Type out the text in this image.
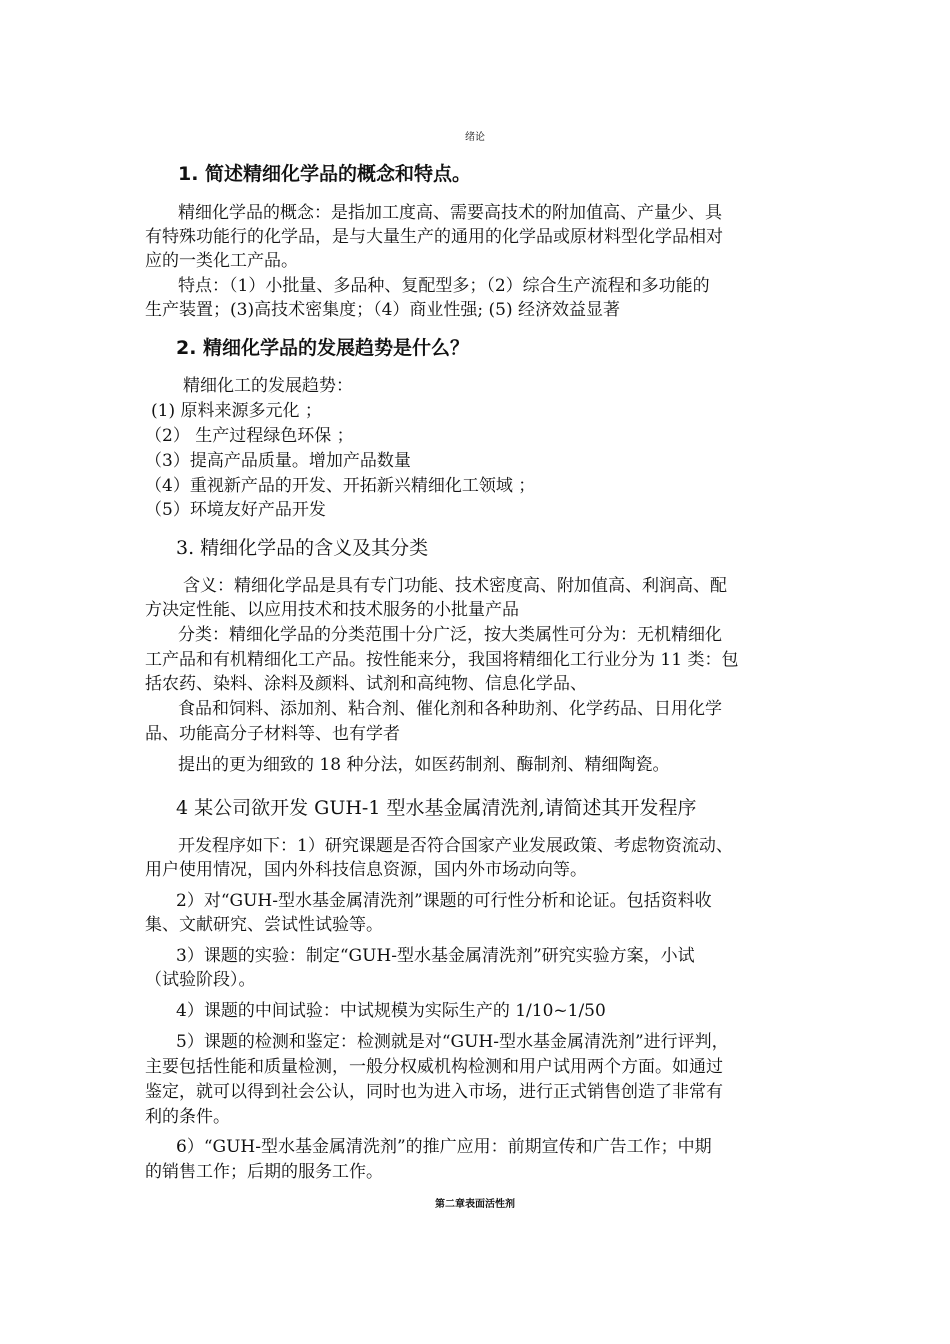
绪论
1. 简述精细化学品的概念和特点。
精细化学品的概念：是指加工度高、需要高技术的附加值高、产量少、具
有特殊功能行的化学品，是与大量生产的通用的化学品或原材料型化学品相对
应的一类化工产品。
特点：（1）小批量、多品种、复配型多；（2）综合生产流程和多功能的
生产装置；(3)高技术密集度；（4）商业性强; (5) 经济效益显著
2. 精细化学品的发展趋势是什么？
精细化工的发展趋势：
(1) 原料来源多元化 ；
（2） 生产过程绿色环保 ；
（3）提高产品质量。增加产品数量
（4）重视新产品的开发、开拓新兴精细化工领域 ；
（5）环境友好产品开发
3. 精细化学品的含义及其分类
含义：精细化学品是具有专门功能、技术密度高、附加值高、利润高、配
方决定性能、以应用技术和技术服务的小批量产品
分类：精细化学品的分类范围十分广泛，按大类属性可分为：无机精细化
工产品和有机精细化工产品。按性能来分，我国将精细化工行业分为 11 类：包
括农药、染料、涂料及颜料、试剂和高纯物、信息化学品、
食品和饲料、添加剂、粘合剂、催化剂和各种助剂、化学药品、日用化学
品、功能高分子材料等、也有学者
提出的更为细致的 18 种分法，如医药制剂、酶制剂、精细陶瓷。
4 某公司欲开发 GUH-1 型水基金属清洗剂,请简述其开发程序
开发程序如下：1）研究课题是否符合国家产业发展政策、考虑物资流动、
用户使用情况，国内外科技信息资源，国内外市场动向等。
2）对“GUH-型水基金属清洗剂”课题的可行性分析和论证。包括资料收
集、文献研究、尝试性试验等。
3）课题的实验：制定“GUH-型水基金属清洗剂”研究实验方案，小试
（试验阶段）。
4）课题的中间试验：中试规模为实际生产的 1/10~1/50
5）课题的检测和鉴定：检测就是对“GUH-型水基金属清洗剂”进行评判，
主要包括性能和质量检测，一般分权威机构检测和用户试用两个方面。如通过
鉴定，就可以得到社会公认，同时也为进入市场，进行正式销售创造了非常有
利的条件。
6）“GUH-型水基金属清洗剂”的推广应用：前期宣传和广告工作；中期
的销售工作；后期的服务工作。
第二章表面活性剂
